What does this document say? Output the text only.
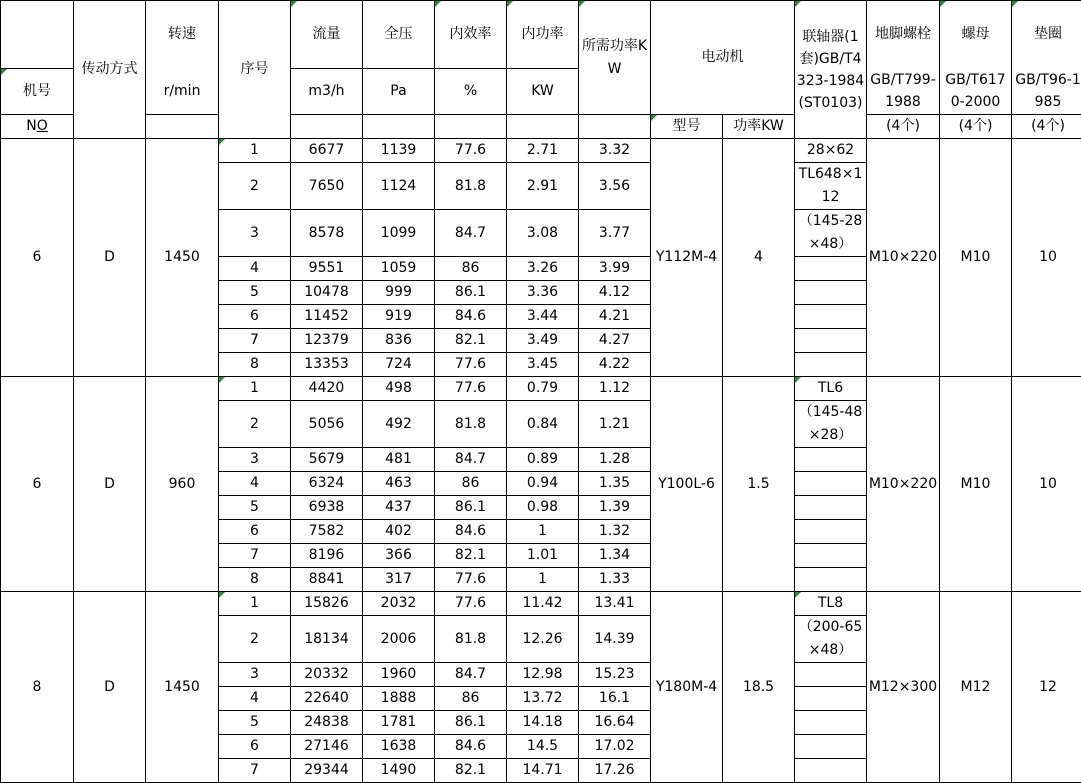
	传动方式	转速	序号	流量	全压	内效率	内功率	所需功率KW	电动机		联轴器(1套)GB/T4323-1984(ST0103)	地脚螺栓	螺母	垫圈
机号		r/min		m3/h	Pa	%	KW					GB/T799-1988	GB/T6170-2000	GB/T96-1985
NO									型号	功率KW		(4个)	(4个)	(4个)
6	D	1450	1	6677	1139	77.6	2.71	3.32	Y112M-4	4	28×62	M10×220	M10	10
			2	7650	1124	81.8	2.91	3.56			TL648×112			
			3	8578	1099	84.7	3.08	3.77			（145-28×48）			
			4	9551	1059	86	3.26	3.99						
			5	10478	999	86.1	3.36	4.12						
			6	11452	919	84.6	3.44	4.21						
			7	12379	836	82.1	3.49	4.27						
			8	13353	724	77.6	3.45	4.22						
6	D	960	1	4420	498	77.6	0.79	1.12	Y100L-6	1.5	TL6	M10×220	M10	10
			2	5056	492	81.8	0.84	1.21			（145-48×28）			
			3	5679	481	84.7	0.89	1.28						
			4	6324	463	86	0.94	1.35						
			5	6938	437	86.1	0.98	1.39						
			6	7582	402	84.6	1	1.32						
			7	8196	366	82.1	1.01	1.34						
			8	8841	317	77.6	1	1.33						
8	D	1450	1	15826	2032	77.6	11.42	13.41	Y180M-4	18.5	TL8	M12×300	M12	12
			2	18134	2006	81.8	12.26	14.39			（200-65×48）			
			3	20332	1960	84.7	12.98	15.23						
			4	22640	1888	86	13.72	16.1						
			5	24838	1781	86.1	14.18	16.64						
			6	27146	1638	84.6	14.5	17.02						
			7	29344	1490	82.1	14.71	17.26						
